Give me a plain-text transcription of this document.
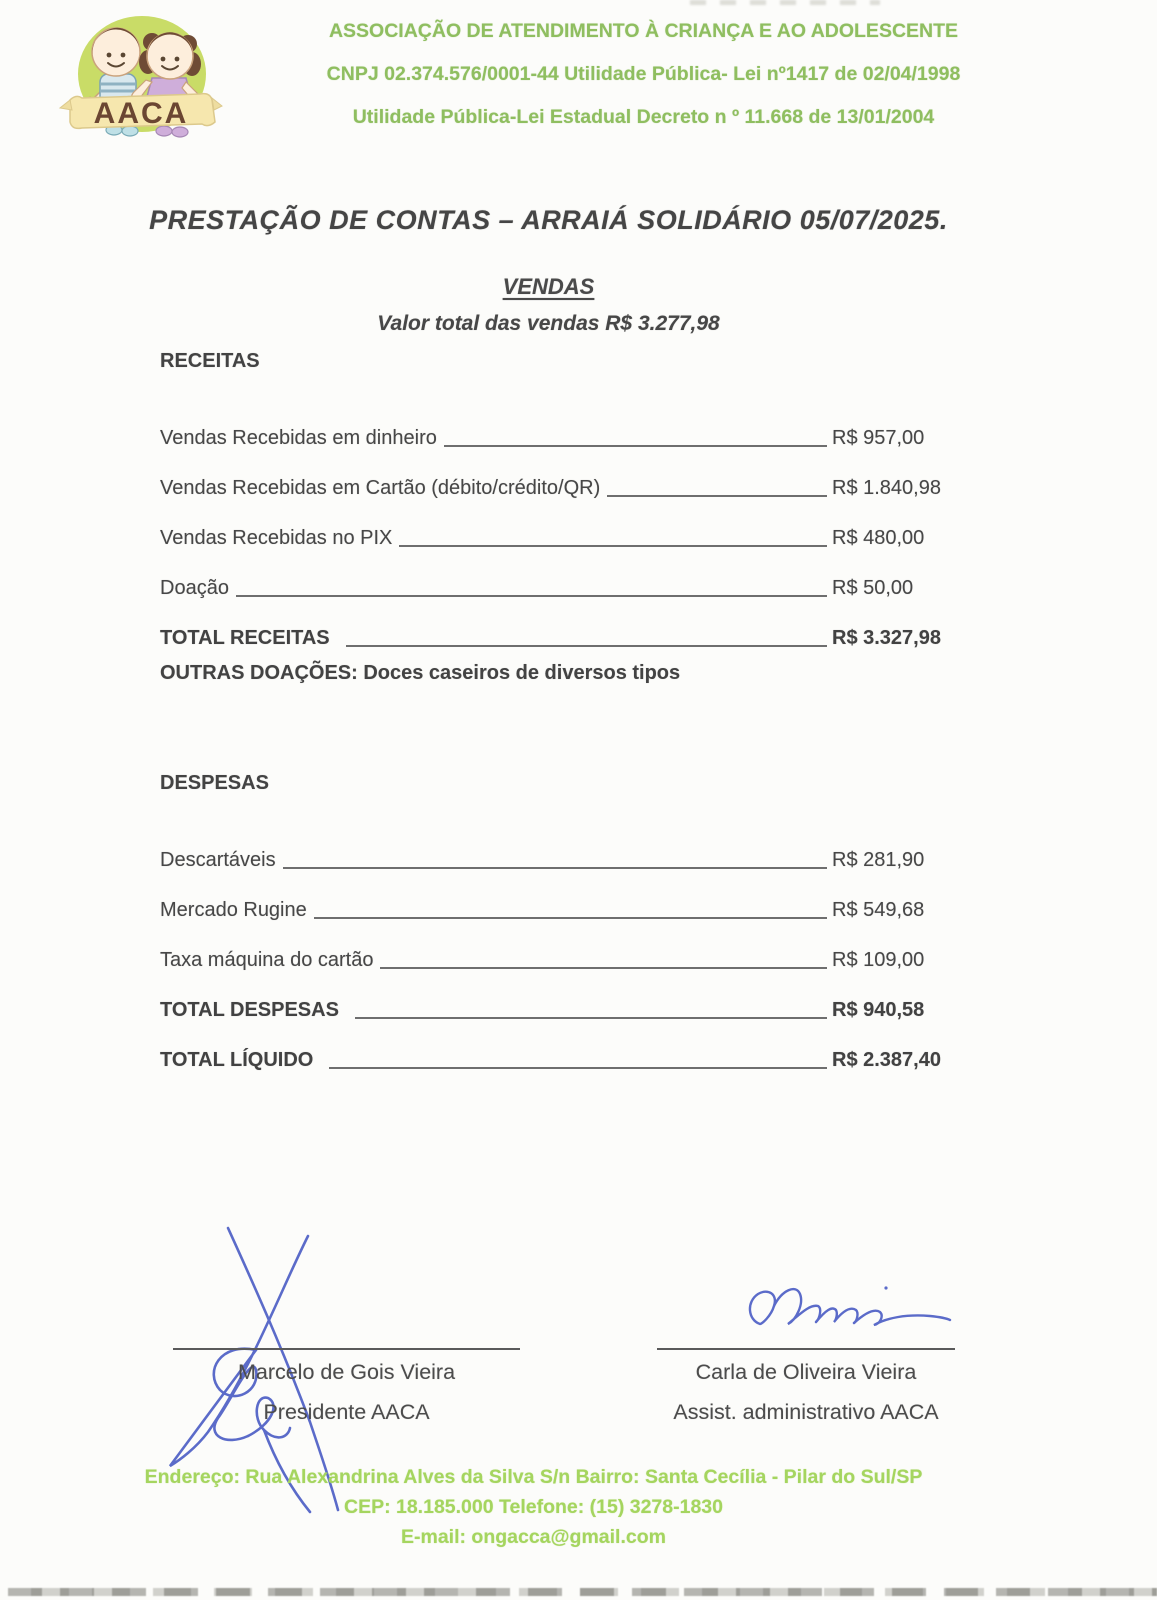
AACA
ASSOCIAÇÃO DE ATENDIMENTO À CRIANÇA E AO ADOLESCENTE
CNPJ 02.374.576/0001-44 Utilidade Pública- Lei nº1417 de 02/04/1998
Utilidade Pública-Lei Estadual Decreto n º 11.668 de 13/01/2004
PRESTAÇÃO DE CONTAS – ARRAIÁ SOLIDÁRIO 05/07/2025.
VENDAS
Valor total das vendas R$ 3.277,98
RECEITAS
Vendas Recebidas em dinheiro	R$ 957,00
Vendas Recebidas em Cartão (débito/crédito/QR)	R$ 1.840,98
Vendas Recebidas no PIX	R$ 480,00
Doação	R$ 50,00
TOTAL RECEITAS	R$ 3.327,98
OUTRAS DOAÇÕES: Doces caseiros de diversos tipos
DESPESAS
Descartáveis	R$ 281,90
Mercado Rugine	R$ 549,68
Taxa máquina do cartão	R$ 109,00
TOTAL DESPESAS	R$ 940,58
TOTAL LÍQUIDO	R$ 2.387,40
Marcelo de Gois Vieira
Presidente AACA
Carla de Oliveira Vieira
Assist. administrativo AACA
Endereço: Rua Alexandrina Alves da Silva S/n Bairro: Santa Cecília - Pilar do Sul/SP
CEP: 18.185.000 Telefone: (15) 3278-1830
E-mail: ongacca@gmail.com
